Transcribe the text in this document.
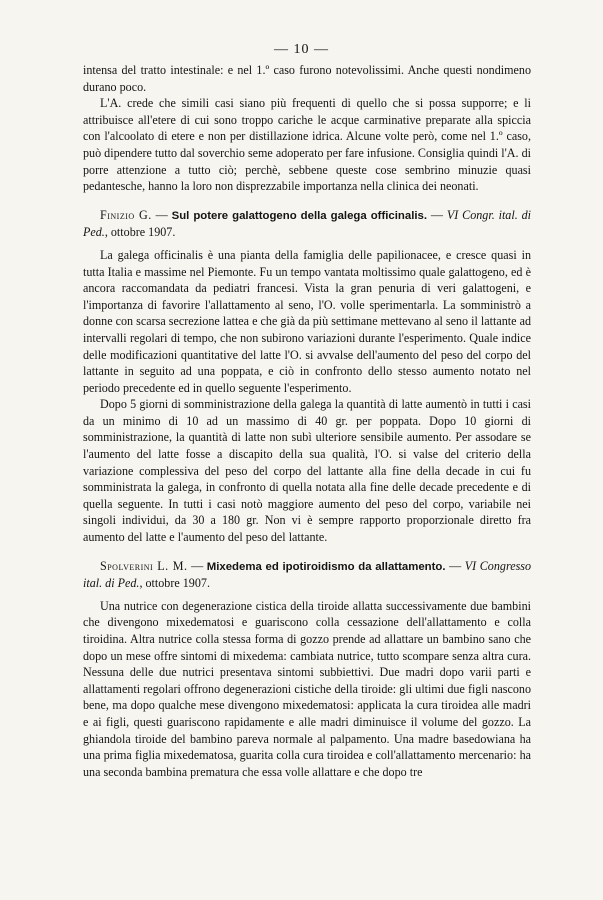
— 10 —

intensa del tratto intestinale: e nel 1.º caso furono notevolissimi. Anche questi nondimeno durano poco.

L'A. crede che simili casi siano più frequenti di quello che si possa supporre; e li attribuisce all'etere di cui sono troppo cariche le acque carminative preparate alla spiccia con l'alcoolato di etere e non per distillazione idrica. Alcune volte però, come nel 1.º caso, può dipendere tutto dal soverchio seme adoperato per fare infusione. Consiglia quindi l'A. di porre attenzione a tutto ciò; perchè, sebbene queste cose sembrino minuzie quasi pedantesche, hanno la loro non disprezzabile importanza nella clinica dei neonati.

Finizio G. — Sul potere galattogeno della galega officinalis. — VI Congr. ital. di Ped., ottobre 1907.

La galega officinalis è una pianta della famiglia delle papilionacee, e cresce quasi in tutta Italia e massime nel Piemonte. Fu un tempo vantata moltissimo quale galattogeno, ed è ancora raccomandata da pediatri francesi. Vista la gran penuria di veri galattogeni, e l'importanza di favorire l'allattamento al seno, l'O. volle sperimentarla. La somministrò a donne con scarsa secrezione lattea e che già da più settimane mettevano al seno il lattante ad intervalli regolari di tempo, che non subirono variazioni durante l'esperimento. Quale indice delle modificazioni quantitative del latte l'O. si avvalse dell'aumento del peso del corpo del lattante in seguito ad una poppata, e ciò in confronto dello stesso aumento notato nel periodo precedente ed in quello seguente l'esperimento.

Dopo 5 giorni di somministrazione della galega la quantità di latte aumentò in tutti i casi da un minimo di 10 ad un massimo di 40 gr. per poppata. Dopo 10 giorni di somministrazione, la quantità di latte non subì ulteriore sensibile aumento. Per assodare se l'aumento del latte fosse a discapito della sua qualità, l'O. si valse del criterio della variazione complessiva del peso del corpo del lattante alla fine della decade in cui fu somministrata la galega, in confronto di quella notata alla fine delle decade precedente e di quella seguente. In tutti i casi notò maggiore aumento del peso del corpo, variabile nei singoli individui, da 30 a 180 gr. Non vi è sempre rapporto proporzionale diretto fra aumento del latte e l'aumento del peso del lattante.

Spolverini L. M. — Mixedema ed ipotiroidismo da allattamento. — VI Congresso ital. di Ped., ottobre 1907.

Una nutrice con degenerazione cistica della tiroide allatta successivamente due bambini che divengono mixedematosi e guariscono colla cessazione dell'allattamento e colla tiroidina. Altra nutrice colla stessa forma di gozzo prende ad allattare un bambino sano che dopo un mese offre sintomi di mixedema: cambiata nutrice, tutto scompare senza altra cura. Nessuna delle due nutrici presentava sintomi subbiettivi. Due madri dopo varii parti e allattamenti regolari offrono degenerazioni cistiche della tiroide: gli ultimi due figli nascono bene, ma dopo qualche mese divengono mixedematosi: applicata la cura tiroidea alle madri e ai figli, questi guariscono rapidamente e alle madri diminuisce il volume del gozzo. La ghiandola tiroide del bambino pareva normale al palpamento. Una madre basedowiana ha una prima figlia mixedematosa, guarita colla cura tiroidea e coll'allattamento mercenario: ha una seconda bambina prematura che essa volle allattare e che dopo tre
